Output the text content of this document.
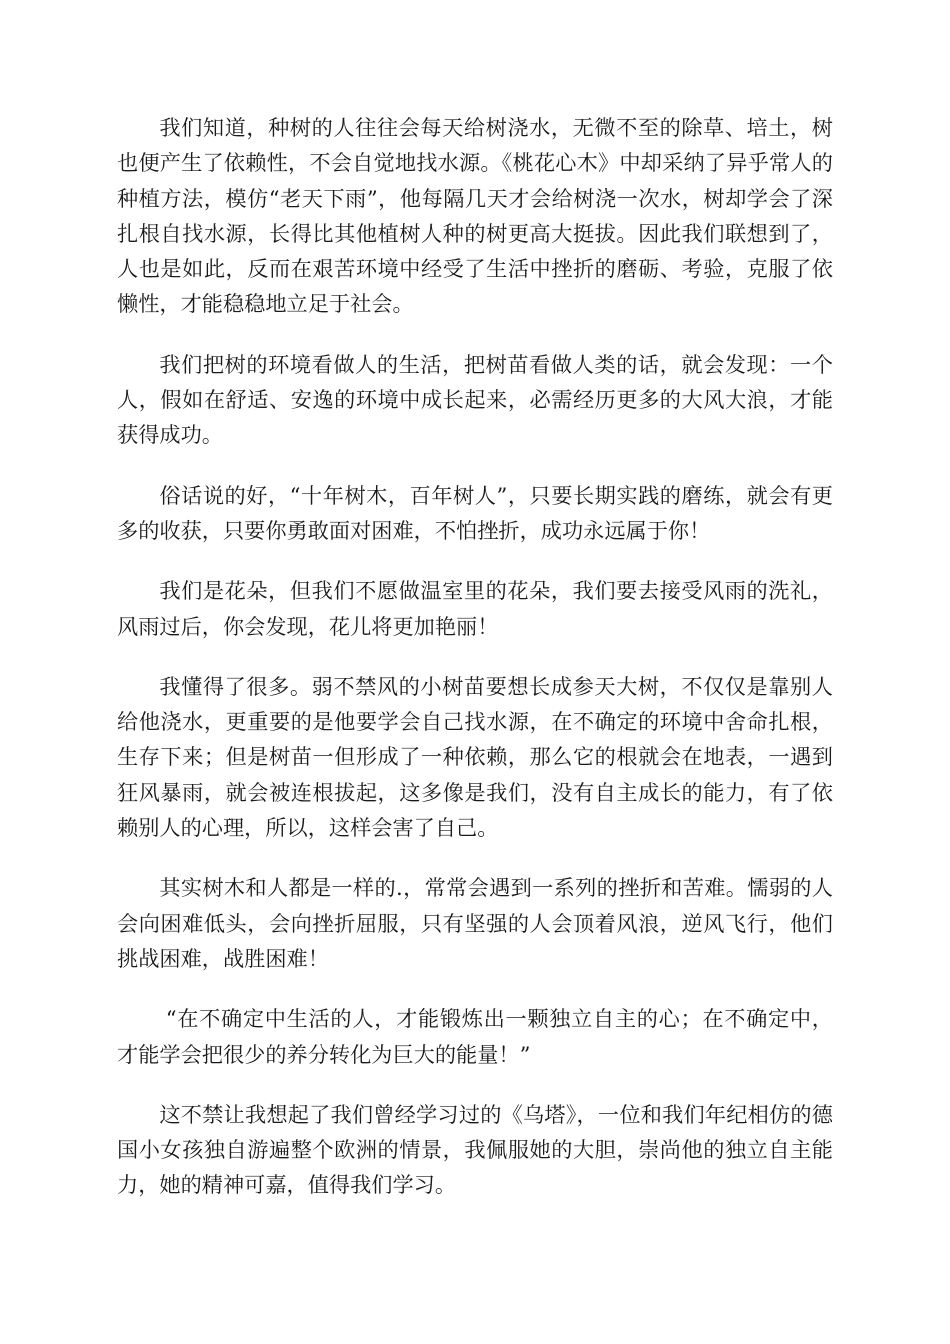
我们知道，种树的人往往会每天给树浇水，无微不至的除草、培土，树也便产生了依赖性，不会自觉地找水源。《桃花心木》中却采纳了异乎常人的种植方法，模仿“老天下雨”，他每隔几天才会给树浇一次水，树却学会了深扎根自找水源，长得比其他植树人种的树更高大挺拔。因此我们联想到了，人也是如此，反而在艰苦环境中经受了生活中挫折的磨砺、考验，克服了依懒性，才能稳稳地立足于社会。

我们把树的环境看做人的生活，把树苗看做人类的话，就会发现：一个人，假如在舒适、安逸的环境中成长起来，必需经历更多的大风大浪，才能获得成功。

俗话说的好，“十年树木，百年树人”，只要长期实践的磨练，就会有更多的收获，只要你勇敢面对困难，不怕挫折，成功永远属于你！

我们是花朵，但我们不愿做温室里的花朵，我们要去接受风雨的洗礼，风雨过后，你会发现，花儿将更加艳丽！

我懂得了很多。弱不禁风的小树苗要想长成参天大树，不仅仅是靠别人给他浇水，更重要的是他要学会自己找水源，在不确定的环境中舍命扎根，生存下来；但是树苗一但形成了一种依赖，那么它的根就会在地表，一遇到狂风暴雨，就会被连根拔起，这多像是我们，没有自主成长的能力，有了依赖别人的心理，所以，这样会害了自己。

其实树木和人都是一样的.，常常会遇到一系列的挫折和苦难。懦弱的人会向困难低头，会向挫折屈服，只有坚强的人会顶着风浪，逆风飞行，他们挑战困难，战胜困难！

“在不确定中生活的人，才能锻炼出一颗独立自主的心；在不确定中，才能学会把很少的养分转化为巨大的能量！”

这不禁让我想起了我们曾经学习过的《乌塔》，一位和我们年纪相仿的德国小女孩独自游遍整个欧洲的情景，我佩服她的大胆，崇尚他的独立自主能力，她的精神可嘉，值得我们学习。
